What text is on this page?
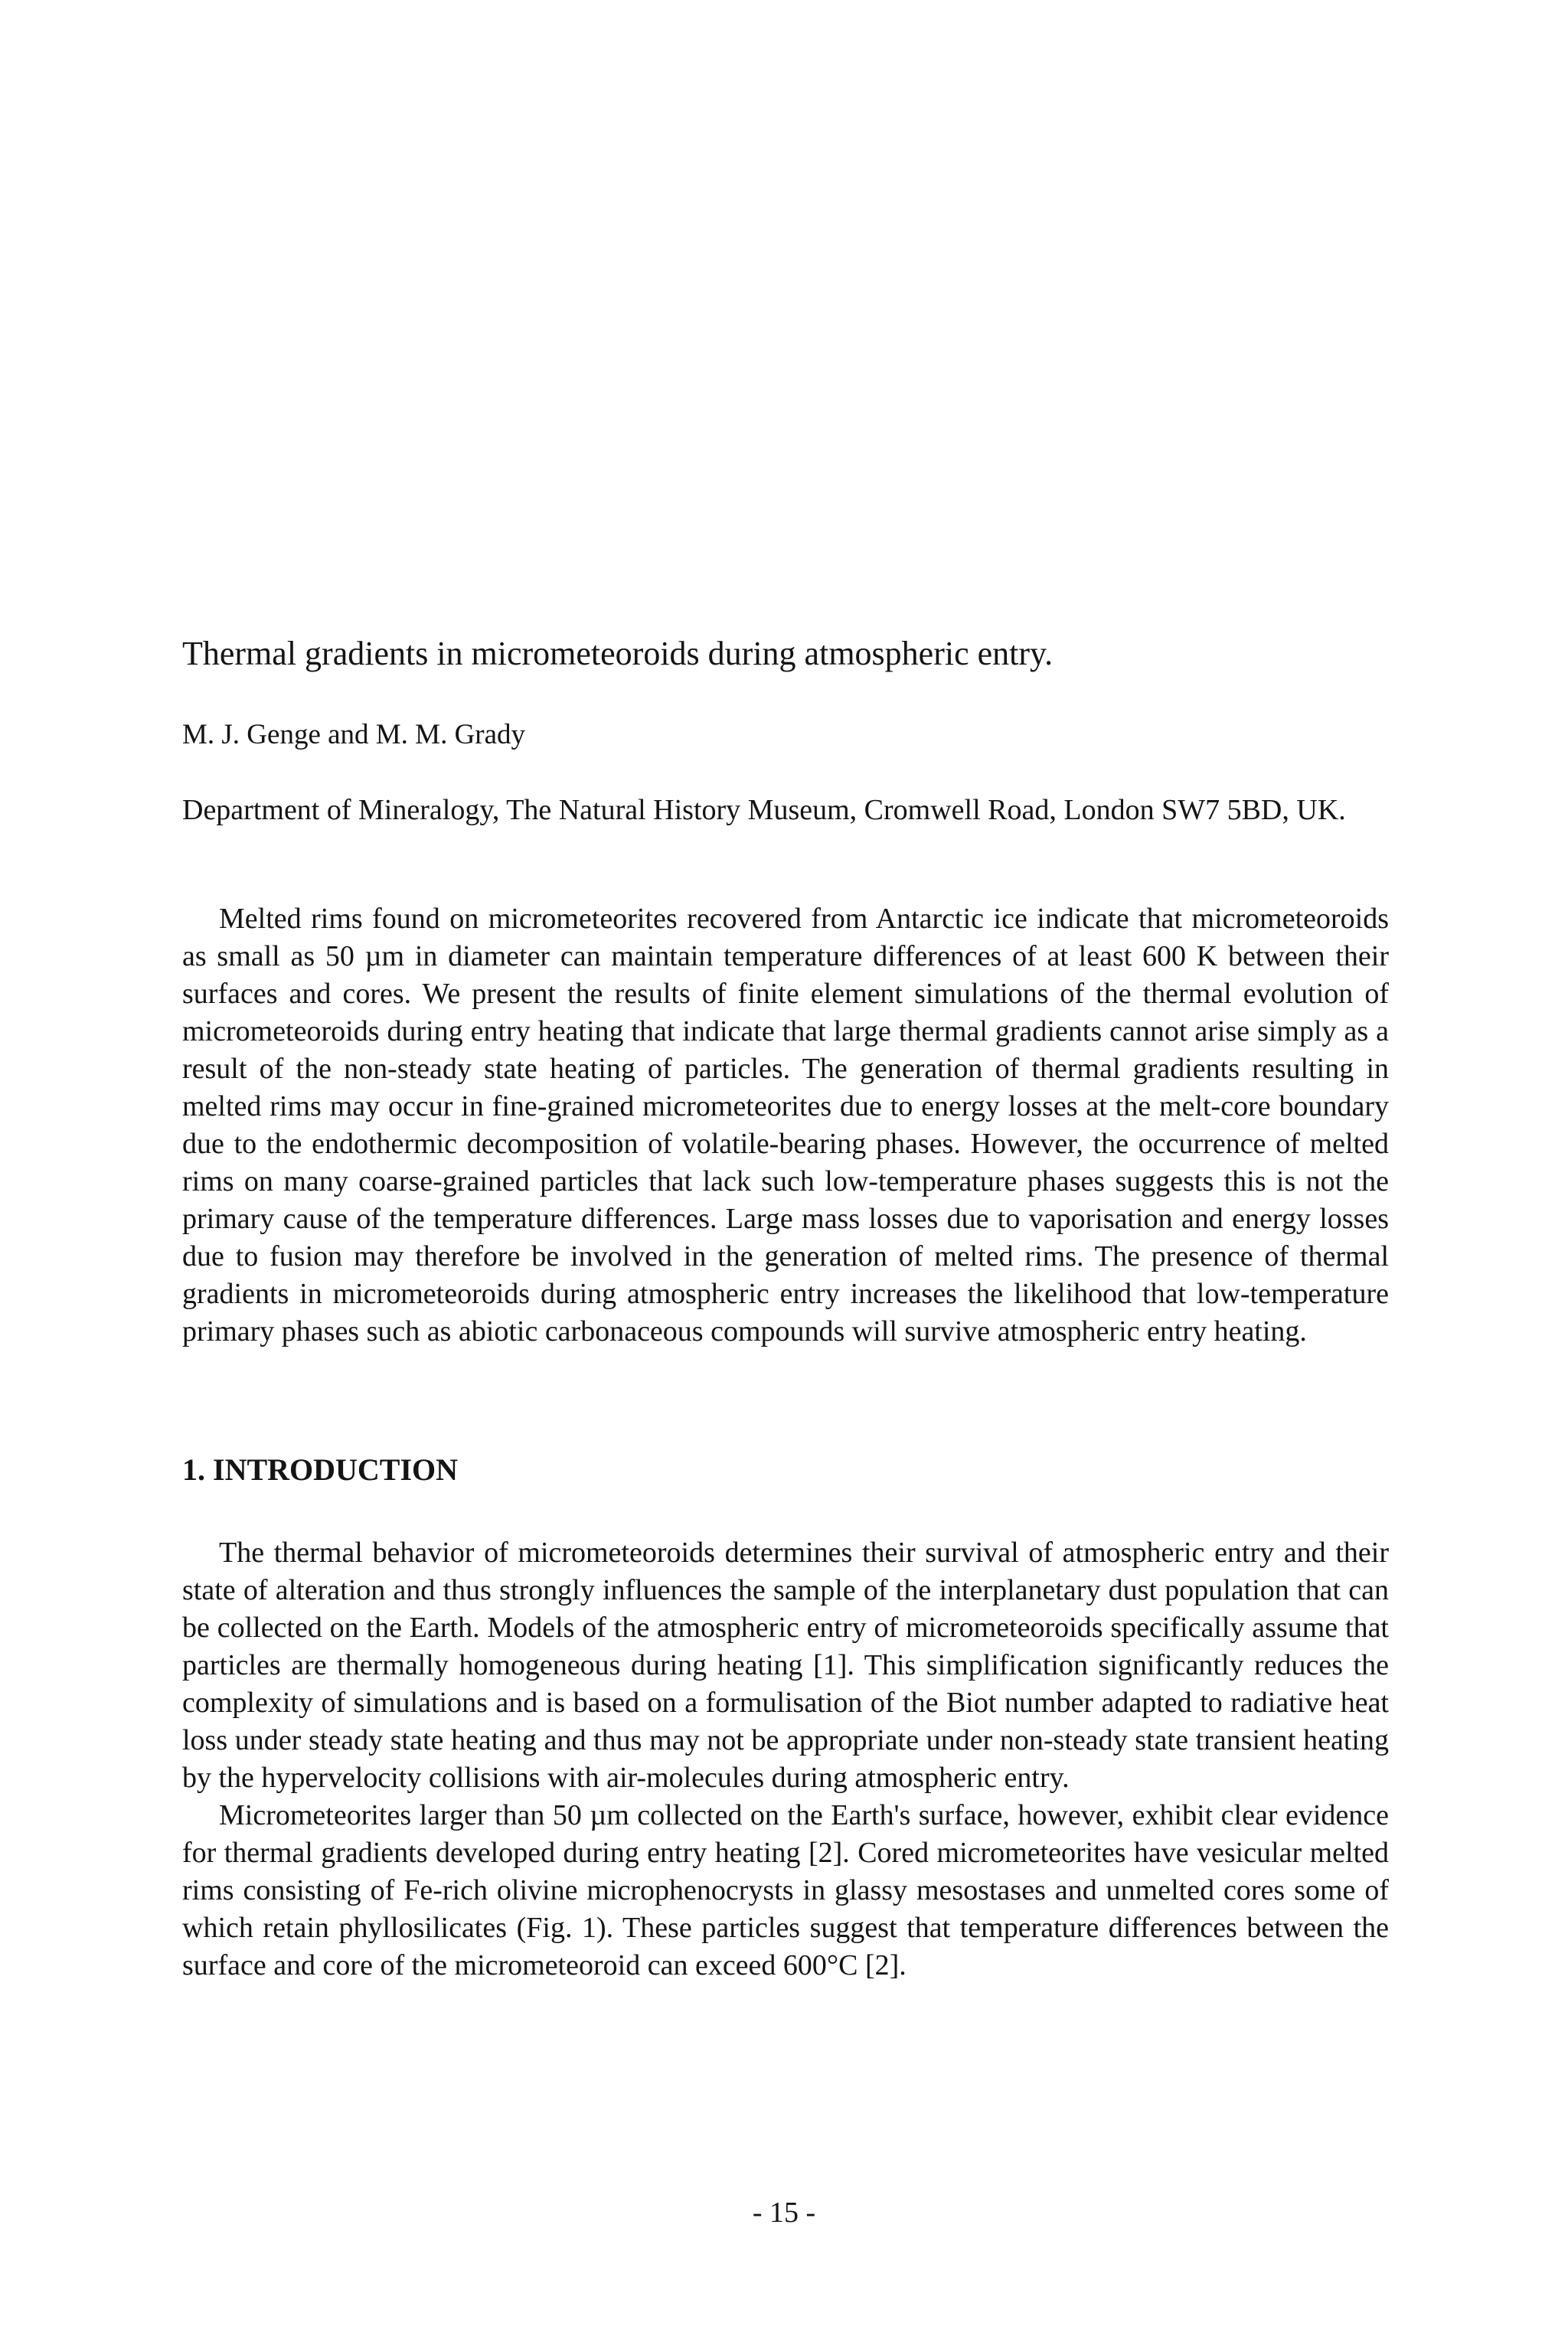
Thermal gradients in micrometeoroids during atmospheric entry.

M. J. Genge and M. M. Grady

Department of Mineralogy, The Natural History Museum, Cromwell Road, London SW7 5BD, UK.

Melted rims found on micrometeorites recovered from Antarctic ice indicate that micrometeoroids as small as 50 µm in diameter can maintain temperature differences of at least 600 K between their surfaces and cores. We present the results of finite element simulations of the thermal evolution of micrometeoroids during entry heating that indicate that large thermal gradients cannot arise simply as a result of the non-steady state heating of particles. The generation of thermal gradients resulting in melted rims may occur in fine-grained micrometeorites due to energy losses at the melt-core boundary due to the endothermic decomposition of volatile-bearing phases. However, the occurrence of melted rims on many coarse-grained particles that lack such low-temperature phases suggests this is not the primary cause of the temperature differences. Large mass losses due to vaporisation and energy losses due to fusion may therefore be involved in the generation of melted rims. The presence of thermal gradients in micrometeoroids during atmospheric entry increases the likelihood that low-temperature primary phases such as abiotic carbonaceous compounds will survive atmospheric entry heating.

1. INTRODUCTION

The thermal behavior of micrometeoroids determines their survival of atmospheric entry and their state of alteration and thus strongly influences the sample of the interplanetary dust population that can be collected on the Earth. Models of the atmospheric entry of micrometeoroids specifically assume that particles are thermally homogeneous during heating [1]. This simplification significantly reduces the complexity of simulations and is based on a formulisation of the Biot number adapted to radiative heat loss under steady state heating and thus may not be appropriate under non-steady state transient heating by the hypervelocity collisions with air-molecules during atmospheric entry.

Micrometeorites larger than 50 µm collected on the Earth's surface, however, exhibit clear evidence for thermal gradients developed during entry heating [2]. Cored micrometeorites have vesicular melted rims consisting of Fe-rich olivine microphenocrysts in glassy mesostases and unmelted cores some of which retain phyllosilicates (Fig. 1). These particles suggest that temperature differences between the surface and core of the micrometeoroid can exceed 600°C [2].

- 15 -
